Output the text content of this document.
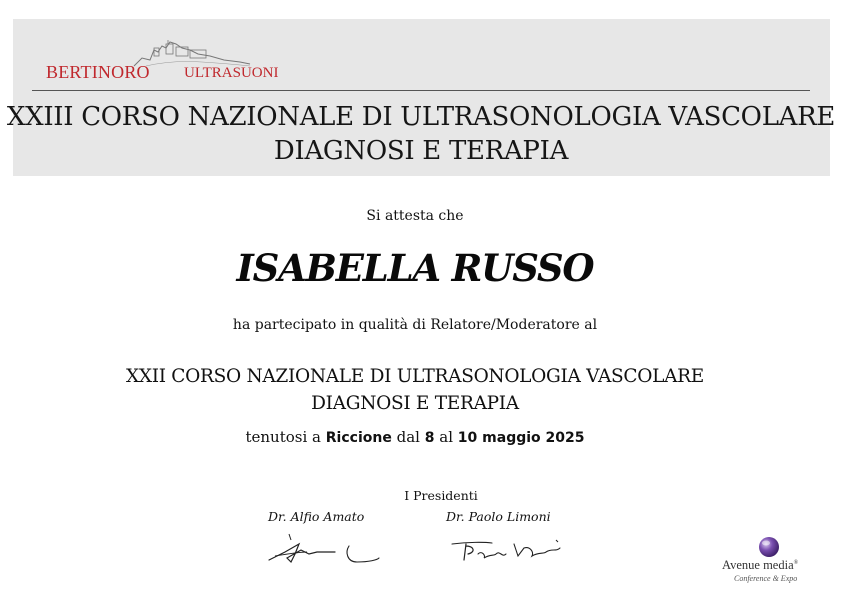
BERTINORO ULTRASUONI
XXIII CORSO NAZIONALE DI ULTRASONOLOGIA VASCOLARE
DIAGNOSI E TERAPIA
Si attesta che
ISABELLA RUSSO
ha partecipato in qualità di Relatore/Moderatore al
XXII CORSO NAZIONALE DI ULTRASONOLOGIA VASCOLARE
DIAGNOSI E TERAPIA
tenutosi a Riccione dal 8 al 10 maggio 2025
I Presidenti
Dr. Alfio Amato	Dr. Paolo Limoni
Avenue media®
Conference & Expo
